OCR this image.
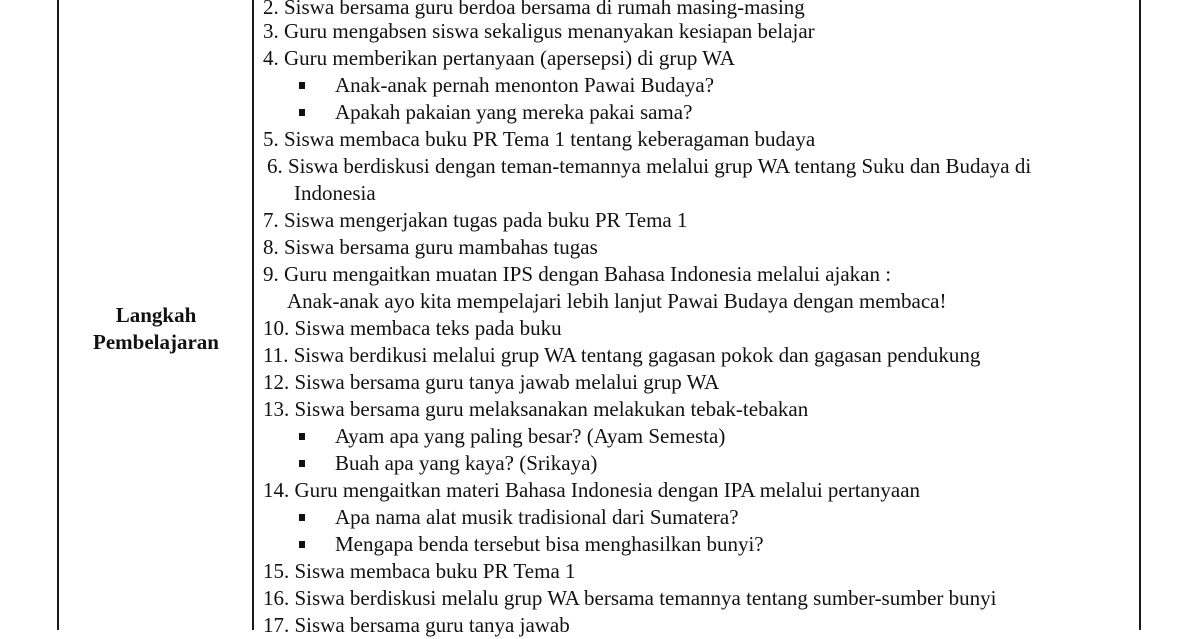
Langkah
Pembelajaran
2. Siswa bersama guru berdoa bersama di rumah masing-masing
3. Guru mengabsen siswa sekaligus menanyakan kesiapan belajar
4. Guru memberikan pertanyaan (apersepsi) di grup WA
Anak-anak pernah menonton Pawai Budaya?
Apakah pakaian yang mereka pakai sama?
5. Siswa membaca buku PR Tema 1 tentang keberagaman budaya
6. Siswa berdiskusi dengan teman-temannya melalui grup WA tentang Suku dan Budaya di
Indonesia
7. Siswa mengerjakan tugas pada buku PR Tema 1
8. Siswa bersama guru mambahas tugas
9. Guru mengaitkan muatan IPS dengan Bahasa Indonesia melalui ajakan :
Anak-anak ayo kita mempelajari lebih lanjut Pawai Budaya dengan membaca!
10. Siswa membaca teks pada buku
11. Siswa berdikusi melalui grup WA tentang gagasan pokok dan gagasan pendukung
12. Siswa bersama guru tanya jawab melalui grup WA
13. Siswa bersama guru melaksanakan melakukan tebak-tebakan
Ayam apa yang paling besar? (Ayam Semesta)
Buah apa yang kaya? (Srikaya)
14. Guru mengaitkan materi Bahasa Indonesia dengan IPA melalui pertanyaan
Apa nama alat musik tradisional dari Sumatera?
Mengapa benda tersebut bisa menghasilkan bunyi?
15. Siswa membaca buku PR Tema 1
16. Siswa berdiskusi melalu grup WA bersama temannya tentang sumber-sumber bunyi
17. Siswa bersama guru tanya jawab
